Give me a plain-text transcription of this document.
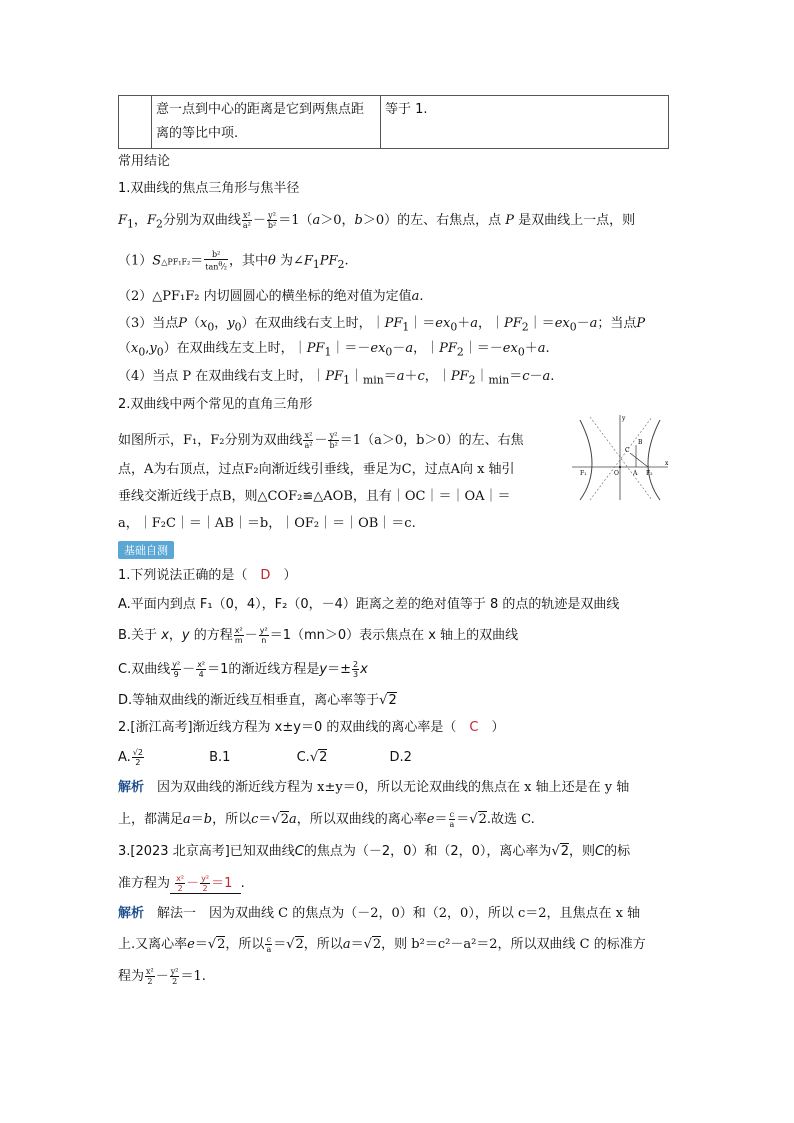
	意一点到中心的距离是它到两焦点距
离的等比中项.	等于 1.
常用结论
1.双曲线的焦点三角形与焦半径
$F_1$，$F_2$分别为双曲线 $\frac{\text{x²}}{\text{a²}} - \frac{\text{y²}}{\text{b²}} =1(a>0$，b＞0）的左、右焦点，点 P 是双曲线上一点，则
（1）S△PF₁F₂＝ $\frac{\text{b²}}{\tan^\theta⁄_2}$ ，其中θ 为$\angle F_1PF_2$.
（2）△PF₁F₂ 内切圆圆心的横坐标的绝对值为定值a.
（3）当点$P(x_0$，$y_0$）在双曲线右支上时，$|PF_1|=ex_0+a$，$|PF_2|=ex_0-a$；当点P
$(x_0,y_0)$在双曲线左支上时，$|PF_1|=-ex_0-a$，$|PF_2|=-ex_0+a$.
（4）当点 P 在双曲线右支上时，$|PF_1|_{min}=a+c$，$|PF_2|_{min}=c-a$.
2.双曲线中两个常见的直角三角形
如图所示，F₁，F₂分别为双曲线 $\frac{\text{x²}}{\text{a²}} - \frac{\text{y²}}{\text{b²}} =1(a>0$，b＞0）的左、右焦
点，A为右顶点，过点F₂向渐近线引垂线，垂足为C，过点A向 x 轴引
垂线交渐近线于点B，则△COF₂≌△AOB，且有｜OC｜＝｜OA｜＝
a，｜F₂C｜＝｜AB｜＝b，｜OF₂｜＝｜OB｜＝c.
O A
B
C
F₁	F₂
x
y
基础自测
1.下列说法正确的是（　 D　 ）
A.平面内到点 F₁（0，4），F₂（0，－4）距离之差的绝对值等于 8 的点的轨迹是双曲线
B.关于 x，y 的方程 $\frac{\text{x²}}{m} - \frac{\text{y²}}{n} =1(mn>0)$表示焦点在 x 轴上的双曲线
C.双曲线 $\frac{\text{y²}}{9} - \frac{\text{x²}}{4} =1$的渐近线方程是$y=\pm \frac{2}{3}$ x
D.等轴双曲线的渐近线互相垂直，离心率等于√2
2.[浙江高考]渐近线方程为 x±y＝0 的双曲线的离心率是（　 C　 ）
A. $\frac{√2}{2}$	B.1	C.√2	D.2
解析　 因为双曲线的渐近线方程为 x±y＝0，所以无论双曲线的焦点在 x 轴上还是在 y 轴
上，都满足a＝b，所以c＝√2a，所以双曲线的离心率$e= \frac{c}{a} =√2$.故选 C.
3.[2023 北京高考]已知双曲线C的焦点为（－2，0）和（2，0），离心率为√2，则C的标
准方程为 $\frac{\text{x²}}{2} - \frac{\text{y²}}{2} =1$ .
解析　 解法一　因为双曲线 C 的焦点为（－2，0）和（2，0），所以 c＝2，且焦点在 x 轴
上.又离心率e＝√2，所以 $\frac{c}{a} =√2$，所以a＝√2，则 b²＝c²－a²＝2，所以双曲线 C 的标准方
程为 $\frac{\text{x²}}{2} - \frac{\text{y²}}{2} =1$.
